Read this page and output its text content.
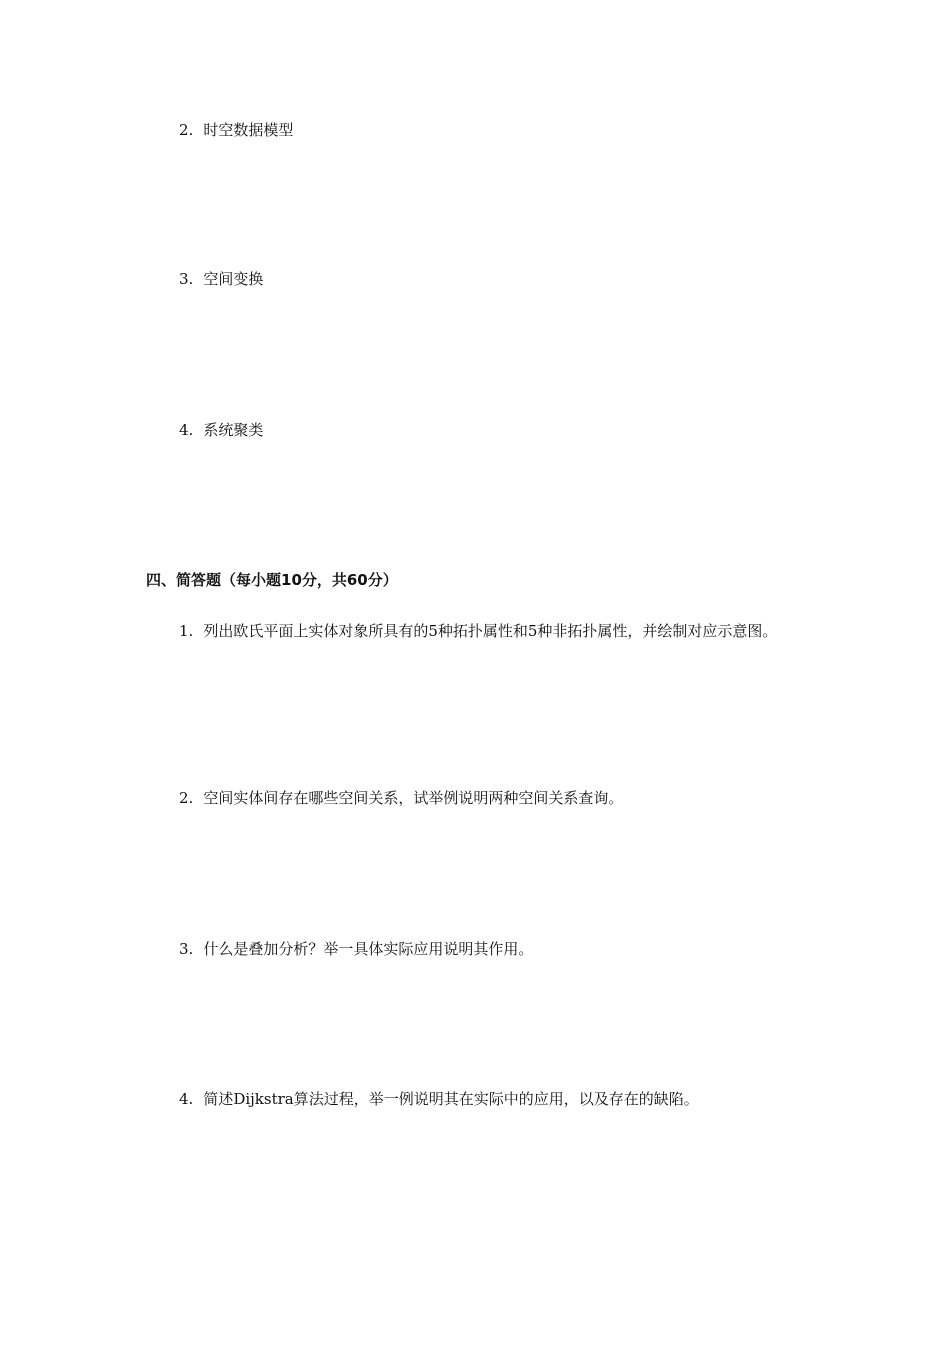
2. 时空数据模型
3. 空间变换
4. 系统聚类
四、简答题（每小题10分，共60分）
1. 列出欧氏平面上实体对象所具有的5种拓扑属性和5种非拓扑属性，并绘制对应示意图。
2. 空间实体间存在哪些空间关系，试举例说明两种空间关系查询。
3. 什么是叠加分析？举一具体实际应用说明其作用。
4. 简述Dijkstra算法过程，举一例说明其在实际中的应用，以及存在的缺陷。
